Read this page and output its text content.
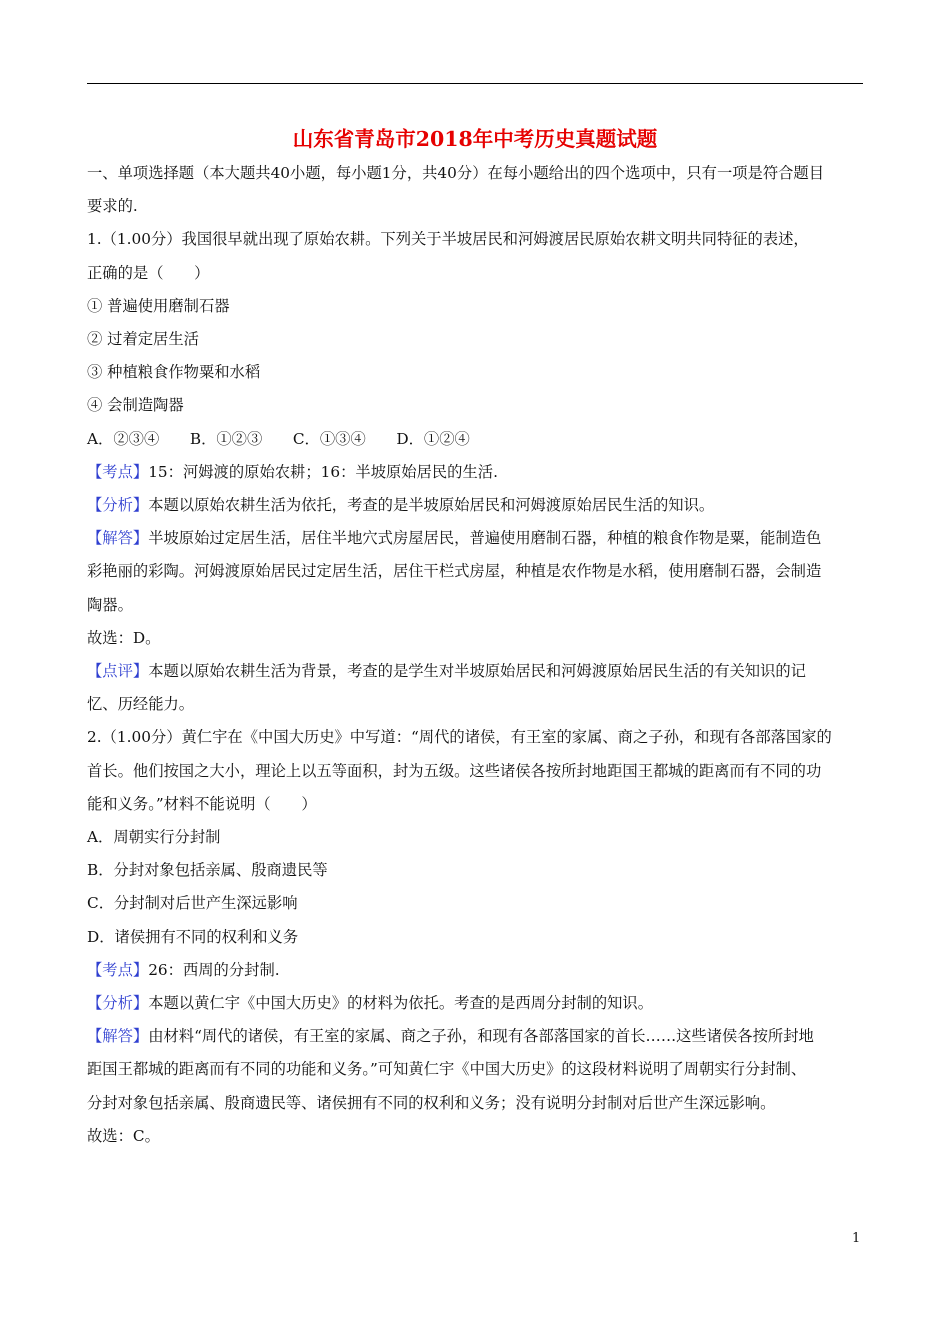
山东省青岛市2018年中考历史真题试题

一、单项选择题（本大题共40小题，每小题1分，共40分）在每小题给出的四个选项中，只有一项是符合题目

要求的.

1.（1.00分）我国很早就出现了原始农耕。下列关于半坡居民和河姆渡居民原始农耕文明共同特征的表述，

正确的是（　　）

① 普遍使用磨制石器

② 过着定居生活

③ 种植粮食作物粟和水稻

④ 会制造陶器

A．②③④　　B．①②③　　C．①③④　　D．①②④

【考点】15：河姆渡的原始农耕；16：半坡原始居民的生活.

【分析】本题以原始农耕生活为依托，考查的是半坡原始居民和河姆渡原始居民生活的知识。

【解答】半坡原始过定居生活，居住半地穴式房屋居民，普遍使用磨制石器，种植的粮食作物是粟，能制造色

彩艳丽的彩陶。河姆渡原始居民过定居生活，居住干栏式房屋，种植是农作物是水稻，使用磨制石器，会制造

陶器。

故选：D。

【点评】本题以原始农耕生活为背景，考查的是学生对半坡原始居民和河姆渡原始居民生活的有关知识的记

忆、历经能力。

2.（1.00分）黄仁宇在《中国大历史》中写道：“周代的诸侯，有王室的家属、商之子孙，和现有各部落国家的

首长。他们按国之大小，理论上以五等面积，封为五级。这些诸侯各按所封地距国王都城的距离而有不同的功

能和义务。”材料不能说明（　　）

A．周朝实行分封制

B．分封对象包括亲属、殷商遗民等

C．分封制对后世产生深远影响

D．诸侯拥有不同的权利和义务

【考点】26：西周的分封制.

【分析】本题以黄仁宇《中国大历史》的材料为依托。考查的是西周分封制的知识。

【解答】由材料“周代的诸侯，有王室的家属、商之子孙，和现有各部落国家的首长……这些诸侯各按所封地

距国王都城的距离而有不同的功能和义务。”可知黄仁宇《中国大历史》的这段材料说明了周朝实行分封制、

分封对象包括亲属、殷商遗民等、诸侯拥有不同的权利和义务；没有说明分封制对后世产生深远影响。

故选：C。

1
